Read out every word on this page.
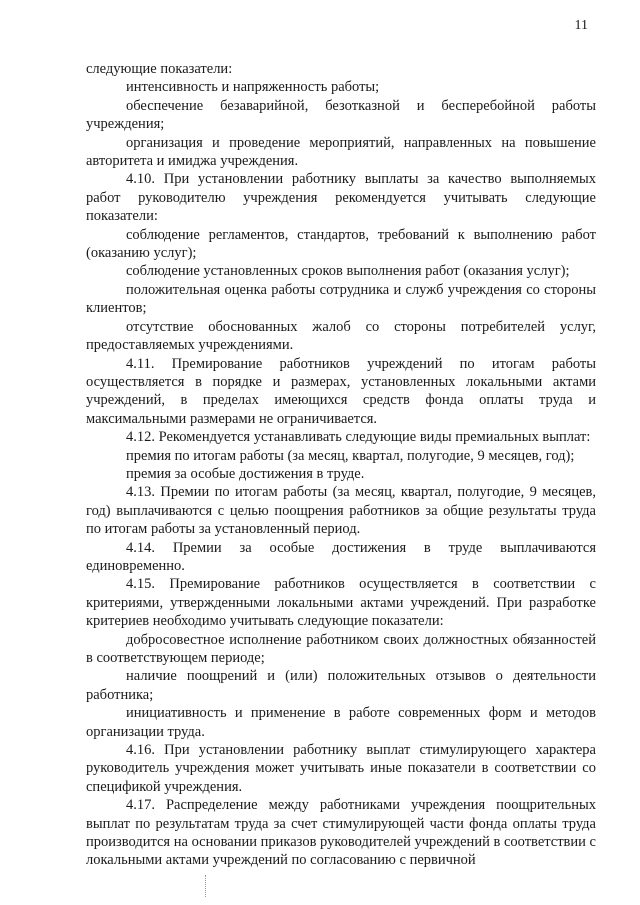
11

следующие показатели:

интенсивность и напряженность работы;

обеспечение безаварийной, безотказной и бесперебойной работы учреждения;

организация и проведение мероприятий, направленных на повышение авторитета и имиджа учреждения.

4.10. При установлении работнику выплаты за качество выполняемых работ руководителю учреждения рекомендуется учитывать следующие показатели:

соблюдение регламентов, стандартов, требований к выполнению работ (оказанию услуг);

соблюдение установленных сроков выполнения работ (оказания услуг);

положительная оценка работы сотрудника и служб учреждения со стороны клиентов;

отсутствие обоснованных жалоб со стороны потребителей услуг, предоставляемых учреждениями.

4.11. Премирование работников учреждений по итогам работы осуществляется в порядке и размерах, установленных локальными актами учреждений, в пределах имеющихся средств фонда оплаты труда и максимальными размерами не ограничивается.

4.12. Рекомендуется устанавливать следующие виды премиальных выплат:

премия по итогам работы (за месяц, квартал, полугодие, 9 месяцев, год);

премия за особые достижения в труде.

4.13. Премии по итогам работы (за месяц, квартал, полугодие, 9 месяцев, год) выплачиваются с целью поощрения работников за общие результаты труда по итогам работы за установленный период.

4.14. Премии за особые достижения в труде выплачиваются единовременно.

4.15. Премирование работников осуществляется в соответствии с критериями, утвержденными локальными актами учреждений. При разработке критериев необходимо учитывать следующие показатели:

добросовестное исполнение работником своих должностных обязанностей в соответствующем периоде;

наличие поощрений и (или) положительных отзывов о деятельности работника;

инициативность и применение в работе современных форм и методов организации труда.

4.16. При установлении работнику выплат стимулирующего характера руководитель учреждения может учитывать иные показатели в соответствии со спецификой учреждения.

4.17. Распределение между работниками учреждения поощрительных выплат по результатам труда за счет стимулирующей части фонда оплаты труда производится на основании приказов руководителей учреждений в соответствии с локальными актами учреждений по согласованию с первичной
